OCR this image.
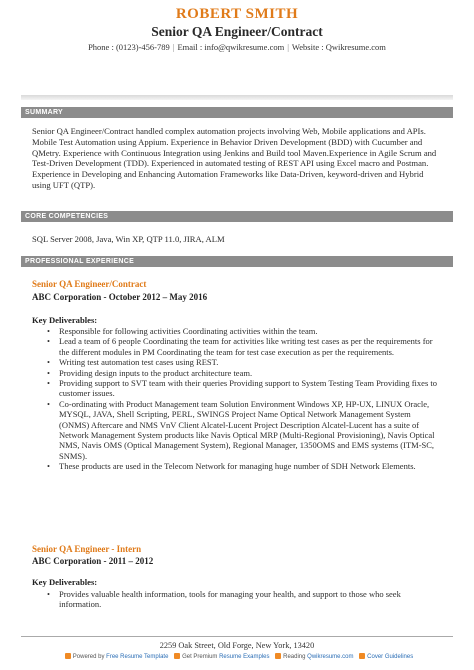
ROBERT SMITH
Senior QA Engineer/Contract
Phone : (0123)-456-789 | Email : info@qwikresume.com | Website : Qwikresume.com
SUMMARY
Senior QA Engineer/Contract handled complex automation projects involving Web, Mobile applications and APIs. Mobile Test Automation using Appium. Experience in Behavior Driven Development (BDD) with Cucumber and QMetry. Experience with Continuous Integration using Jenkins and Build tool Maven.Experience in Agile Scrum and Test-Driven Development (TDD). Experienced in automated testing of REST API using Excel macro and Postman. Experience in Developing and Enhancing Automation Frameworks like Data-Driven, keyword-driven and Hybrid using UFT (QTP).
CORE COMPETENCIES
SQL Server 2008, Java, Win XP, QTP 11.0, JIRA, ALM
PROFESSIONAL EXPERIENCE
Senior QA Engineer/Contract
ABC Corporation - October 2012 – May 2016
Key Deliverables:
• Responsible for following activities Coordinating activities within the team.
• Lead a team of 6 people Coordinating the team for activities like writing test cases as per the requirements for the different modules in PM Coordinating the team for test case execution as per the requirements.
• Writing test automation test cases using REST.
• Providing design inputs to the product architecture team.
• Providing support to SVT team with their queries Providing support to System Testing Team Providing fixes to customer issues.
• Co-ordinating with Product Management team Solution Environment Windows XP, HP-UX, LINUX Oracle, MYSQL, JAVA, Shell Scripting, PERL, SWINGS Project Name Optical Network Management System (ONMS) Aftercare and NMS VnV Client Alcatel-Lucent Project Description Alcatel-Lucent has a suite of Network Management System products like Navis Optical MRP (Multi-Regional Provisioning), Navis Optical NMS, Navis OMS (Optical Management System), Regional Manager, 1350OMS and EMS systems (ITM-SC, SNMS).
• These products are used in the Telecom Network for managing huge number of SDH Network Elements.
Senior QA Engineer - Intern
ABC Corporation - 2011 – 2012
Key Deliverables:
• Provides valuable health information, tools for managing your health, and support to those who seek information.
2259 Oak Street, Old Forge, New York, 13420
Powered by Free Resume Template Get Premium Resume Examples Reading Qwikresume.com Cover Guidelines
